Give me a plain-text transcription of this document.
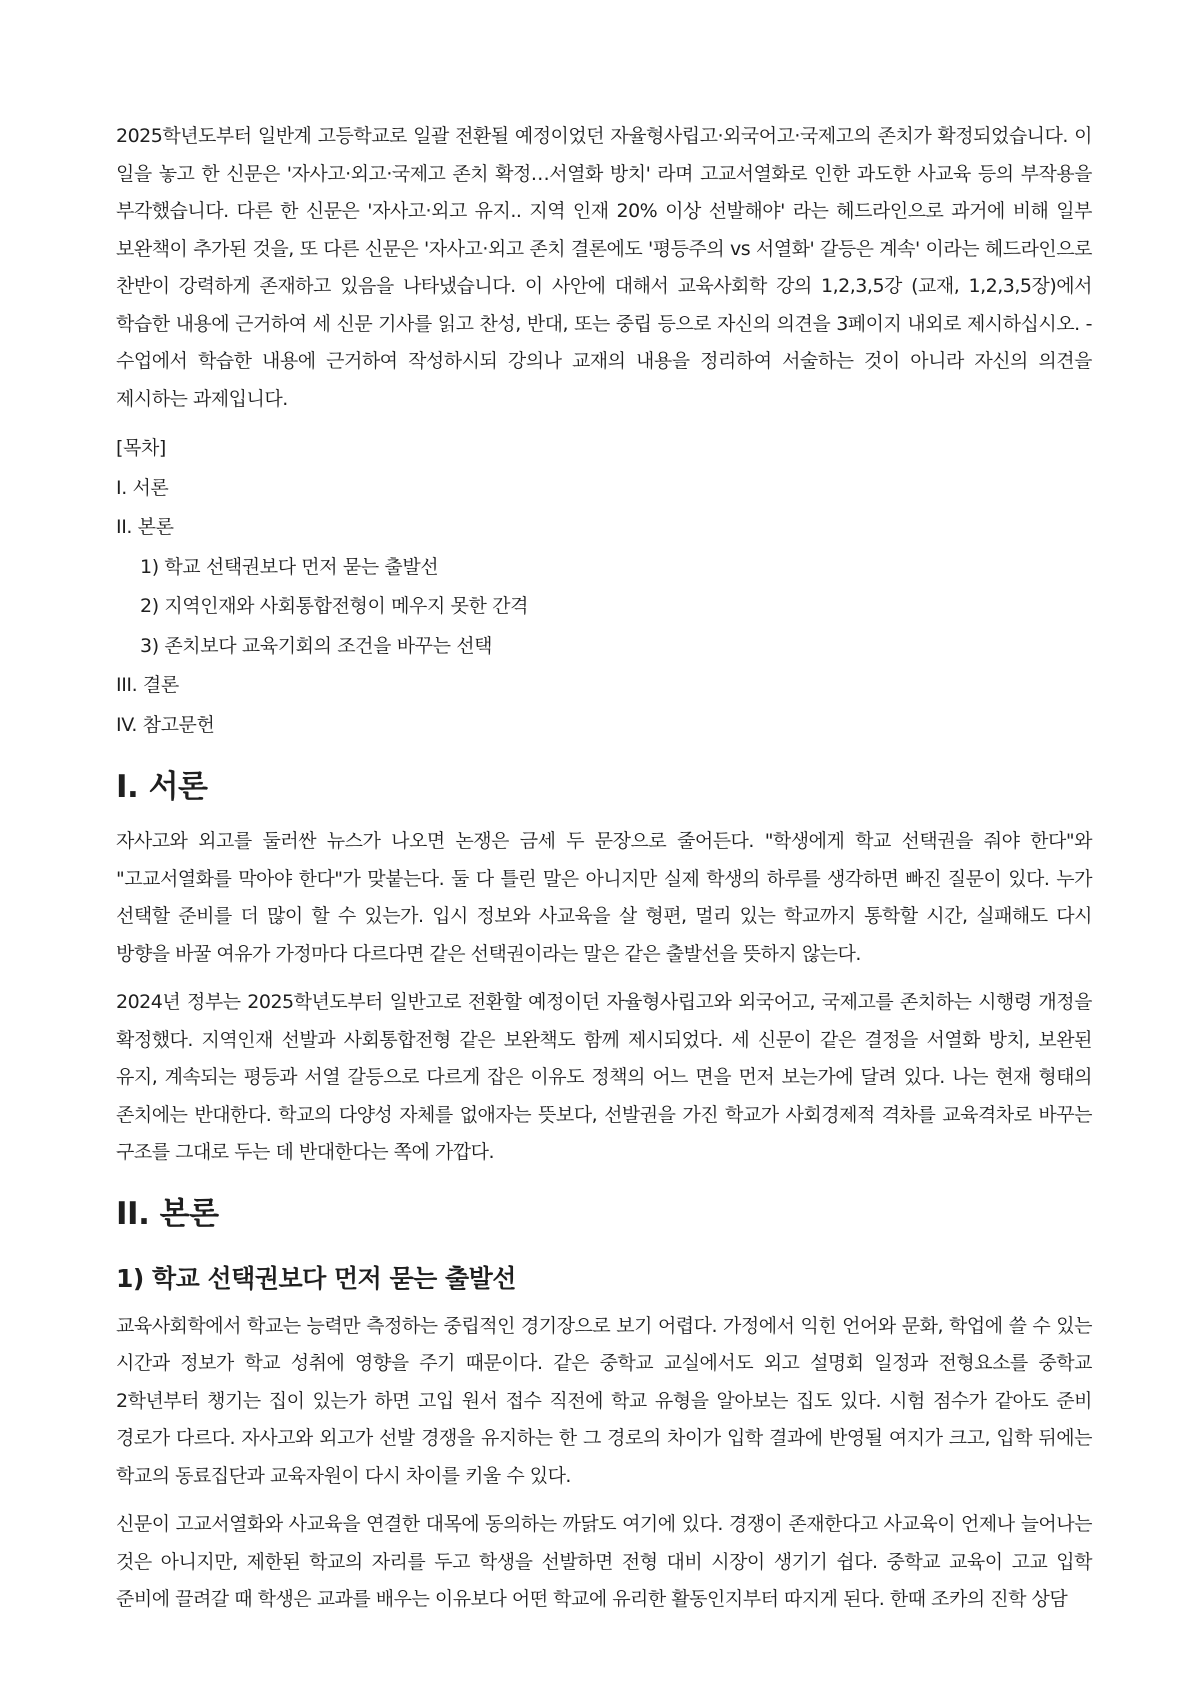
2025학년도부터 일반계 고등학교로 일괄 전환될 예정이었던 자율형사립고·외국어고·국제고의 존치가 확정되었습니다. 이 일을 놓고 한 신문은 '자사고·외고·국제고 존치 확정…서열화 방치' 라며 고교서열화로 인한 과도한 사교육 등의 부작용을 부각했습니다. 다른 한 신문은 '자사고·외고 유지.. 지역 인재 20% 이상 선발해야' 라는 헤드라인으로 과거에 비해 일부 보완책이 추가된 것을, 또 다른 신문은 '자사고·외고 존치 결론에도 '평등주의 vs 서열화' 갈등은 계속' 이라는 헤드라인으로 찬반이 강력하게 존재하고 있음을 나타냈습니다. 이 사안에 대해서 교육사회학 강의 1,2,3,5강 (교재, 1,2,3,5장)에서 학습한 내용에 근거하여 세 신문 기사를 읽고 찬성, 반대, 또는 중립 등으로 자신의 의견을 3페이지 내외로 제시하십시오. - 수업에서 학습한 내용에 근거하여 작성하시되 강의나 교재의 내용을 정리하여 서술하는 것이 아니라 자신의 의견을 제시하는 과제입니다.

[목차]
I. 서론
II. 본론
1) 학교 선택권보다 먼저 묻는 출발선
2) 지역인재와 사회통합전형이 메우지 못한 간격
3) 존치보다 교육기회의 조건을 바꾸는 선택
III. 결론
IV. 참고문헌
I. 서론

자사고와 외고를 둘러싼 뉴스가 나오면 논쟁은 금세 두 문장으로 줄어든다. "학생에게 학교 선택권을 줘야 한다"와 "고교서열화를 막아야 한다"가 맞붙는다. 둘 다 틀린 말은 아니지만 실제 학생의 하루를 생각하면 빠진 질문이 있다. 누가 선택할 준비를 더 많이 할 수 있는가. 입시 정보와 사교육을 살 형편, 멀리 있는 학교까지 통학할 시간, 실패해도 다시 방향을 바꿀 여유가 가정마다 다르다면 같은 선택권이라는 말은 같은 출발선을 뜻하지 않는다.

2024년 정부는 2025학년도부터 일반고로 전환할 예정이던 자율형사립고와 외국어고, 국제고를 존치하는 시행령 개정을 확정했다. 지역인재 선발과 사회통합전형 같은 보완책도 함께 제시되었다. 세 신문이 같은 결정을 서열화 방치, 보완된 유지, 계속되는 평등과 서열 갈등으로 다르게 잡은 이유도 정책의 어느 면을 먼저 보는가에 달려 있다. 나는 현재 형태의 존치에는 반대한다. 학교의 다양성 자체를 없애자는 뜻보다, 선발권을 가진 학교가 사회경제적 격차를 교육격차로 바꾸는 구조를 그대로 두는 데 반대한다는 쪽에 가깝다.

II. 본론
1) 학교 선택권보다 먼저 묻는 출발선

교육사회학에서 학교는 능력만 측정하는 중립적인 경기장으로 보기 어렵다. 가정에서 익힌 언어와 문화, 학업에 쓸 수 있는 시간과 정보가 학교 성취에 영향을 주기 때문이다. 같은 중학교 교실에서도 외고 설명회 일정과 전형요소를 중학교 2학년부터 챙기는 집이 있는가 하면 고입 원서 접수 직전에 학교 유형을 알아보는 집도 있다. 시험 점수가 같아도 준비 경로가 다르다. 자사고와 외고가 선발 경쟁을 유지하는 한 그 경로의 차이가 입학 결과에 반영될 여지가 크고, 입학 뒤에는 학교의 동료집단과 교육자원이 다시 차이를 키울 수 있다.

신문이 고교서열화와 사교육을 연결한 대목에 동의하는 까닭도 여기에 있다. 경쟁이 존재한다고 사교육이 언제나 늘어나는 것은 아니지만, 제한된 학교의 자리를 두고 학생을 선발하면 전형 대비 시장이 생기기 쉽다. 중학교 교육이 고교 입학 준비에 끌려갈 때 학생은 교과를 배우는 이유보다 어떤 학교에 유리한 활동인지부터 따지게 된다. 한때 조카의 진학 상담
